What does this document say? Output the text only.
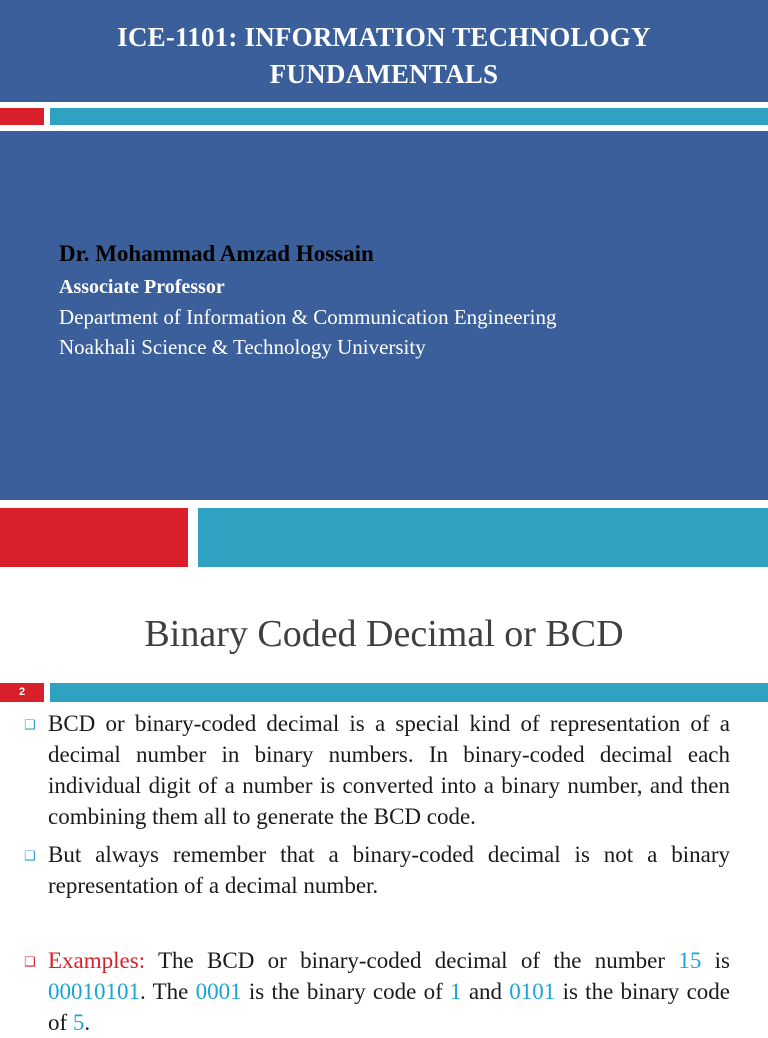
ICE-1101: INFORMATION TECHNOLOGY
FUNDAMENTALS
Dr. Mohammad Amzad Hossain
Associate Professor
Department of Information & Communication Engineering
Noakhali Science & Technology University
Binary Coded Decimal or BCD
2
❑ BCD or binary-coded decimal is a special kind of representation of a decimal number in binary numbers. In binary-coded decimal each individual digit of a number is converted into a binary number, and then combining them all to generate the BCD code.
❑ But always remember that a binary-coded decimal is not a binary representation of a decimal number.
❑ Examples: The BCD or binary-coded decimal of the number 15 is 00010101. The 0001 is the binary code of 1 and 0101 is the binary code of 5.
